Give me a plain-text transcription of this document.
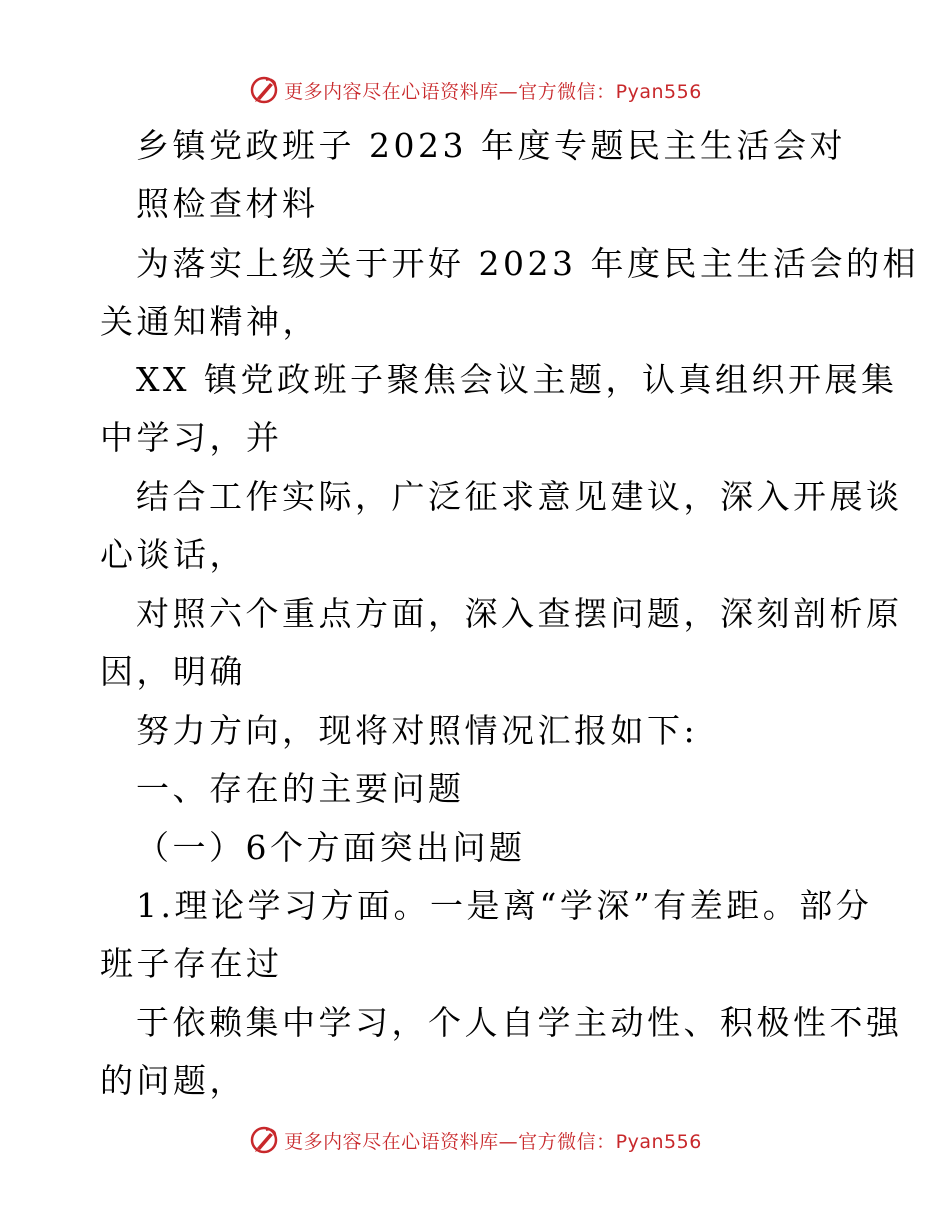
更多内容尽在心语资料库—官方微信：Pyan556
乡镇党政班子 2023 年度专题民主生活会对
照检查材料
为落实上级关于开好 2023 年度民主生活会的相
关通知精神，
XX 镇党政班子聚焦会议主题，认真组织开展集
中学习，并
结合工作实际，广泛征求意见建议，深入开展谈
心谈话，
对照六个重点方面，深入查摆问题，深刻剖析原
因，明确
努力方向，现将对照情况汇报如下:
一、存在的主要问题
（一）6个方面突出问题
1.理论学习方面。一是离“学深”有差距。部分
班子存在过
于依赖集中学习，个人自学主动性、积极性不强
的问题，
更多内容尽在心语资料库—官方微信：Pyan556
